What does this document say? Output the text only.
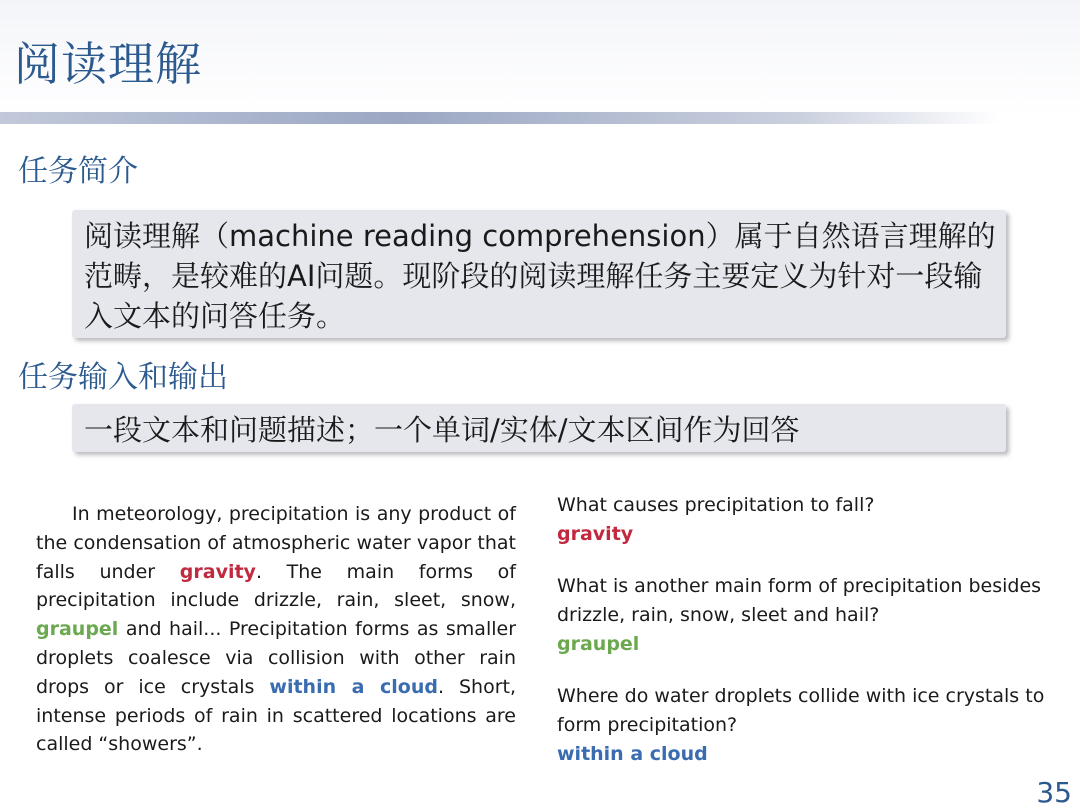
阅读理解
任务简介
阅读理解（machine reading comprehension）属于自然语言理解的范畴，是较难的AI问题。现阶段的阅读理解任务主要定义为针对一段输入文本的问答任务。
任务输入和输出
一段文本和问题描述；一个单词/实体/文本区间作为回答
In meteorology, precipitation is any product of the condensation of atmospheric water vapor that falls under gravity. The main forms of precipitation include drizzle, rain, sleet, snow, graupel and hail... Precipitation forms as smaller droplets coalesce via collision with other rain drops or ice crystals within a cloud. Short, intense periods of rain in scattered locations are called “showers”.
What causes precipitation to fall?
gravity
What is another main form of precipitation besides drizzle, rain, snow, sleet and hail?
graupel
Where do water droplets collide with ice crystals to form precipitation?
within a cloud
35
